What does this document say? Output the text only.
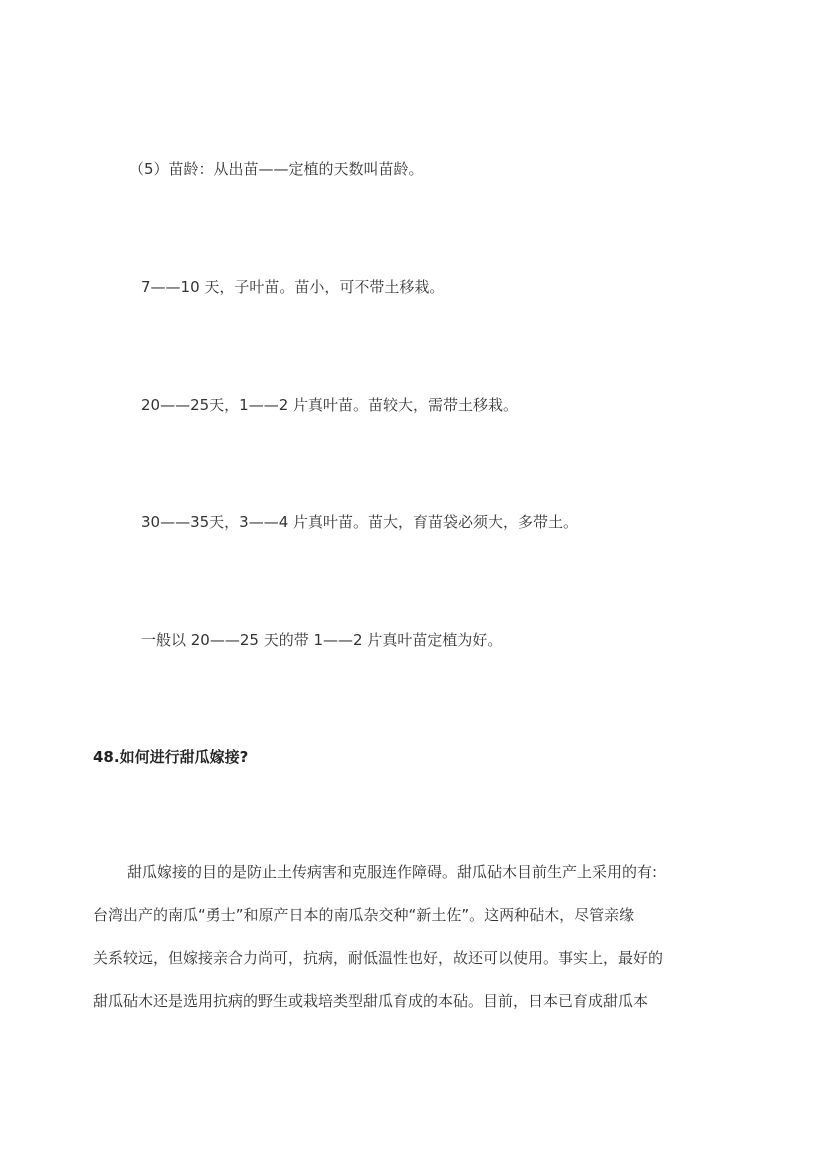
（5）苗龄：从出苗——定植的天数叫苗龄。
7——10 天，子叶苗。苗小，可不带土移栽。
20——25天，1——2 片真叶苗。苗较大，需带土移栽。
30——35天，3——4 片真叶苗。苗大，育苗袋必须大，多带土。
一般以 20——25 天的带 1——2 片真叶苗定植为好。
48.如何进行甜瓜嫁接?
甜瓜嫁接的目的是防止土传病害和克服连作障碍。甜瓜砧木目前生产上采用的有:
台湾出产的南瓜“勇士”和原产日本的南瓜杂交种“新土佐”。这两种砧木，尽管亲缘
关系较远，但嫁接亲合力尚可，抗病，耐低温性也好，故还可以使用。事实上，最好的
甜瓜砧木还是选用抗病的野生或栽培类型甜瓜育成的本砧。目前，日本已育成甜瓜本
